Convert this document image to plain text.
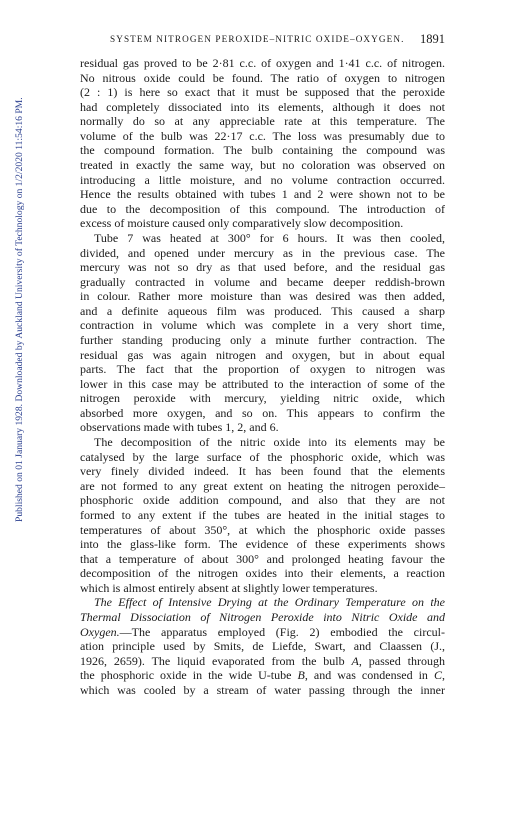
Published on 01 January 1928. Downloaded by Auckland University of Technology on 1/2/2020 11:54:16 PM.
SYSTEM NITROGEN PEROXIDE–NITRIC OXIDE–OXYGEN. 1891
residual gas proved to be 2·81 c.c. of oxygen and 1·41 c.c. of nitrogen.
No nitrous oxide could be found. The ratio of oxygen to nitrogen
(2 : 1) is here so exact that it must be supposed that the peroxide
had completely dissociated into its elements, although it does not
normally do so at any appreciable rate at this temperature. The
volume of the bulb was 22·17 c.c. The loss was presumably due to
the compound formation. The bulb containing the compound was
treated in exactly the same way, but no coloration was observed on
introducing a little moisture, and no volume contraction occurred.
Hence the results obtained with tubes 1 and 2 were shown not to be
due to the decomposition of this compound. The introduction of
excess of moisture caused only comparatively slow decomposition.
Tube 7 was heated at 300° for 6 hours. It was then cooled,
divided, and opened under mercury as in the previous case. The
mercury was not so dry as that used before, and the residual gas
gradually contracted in volume and became deeper reddish-brown
in colour. Rather more moisture than was desired was then added,
and a definite aqueous film was produced. This caused a sharp
contraction in volume which was complete in a very short time,
further standing producing only a minute further contraction. The
residual gas was again nitrogen and oxygen, but in about equal
parts. The fact that the proportion of oxygen to nitrogen was
lower in this case may be attributed to the interaction of some of the
nitrogen peroxide with mercury, yielding nitric oxide, which
absorbed more oxygen, and so on. This appears to confirm the
observations made with tubes 1, 2, and 6.
The decomposition of the nitric oxide into its elements may be
catalysed by the large surface of the phosphoric oxide, which was
very finely divided indeed. It has been found that the elements
are not formed to any great extent on heating the nitrogen peroxide–
phosphoric oxide addition compound, and also that they are not
formed to any extent if the tubes are heated in the initial stages to
temperatures of about 350°, at which the phosphoric oxide passes
into the glass-like form. The evidence of these experiments shows
that a temperature of about 300° and prolonged heating favour the
decomposition of the nitrogen oxides into their elements, a reaction
which is almost entirely absent at slightly lower temperatures.
The Effect of Intensive Drying at the Ordinary Temperature on the
Thermal Dissociation of Nitrogen Peroxide into Nitric Oxide and
Oxygen.—The apparatus employed (Fig. 2) embodied the circul-
ation principle used by Smits, de Liefde, Swart, and Claassen (J.,
1926, 2659). The liquid evaporated from the bulb A, passed through
the phosphoric oxide in the wide U-tube B, and was condensed in C,
which was cooled by a stream of water passing through the inner
